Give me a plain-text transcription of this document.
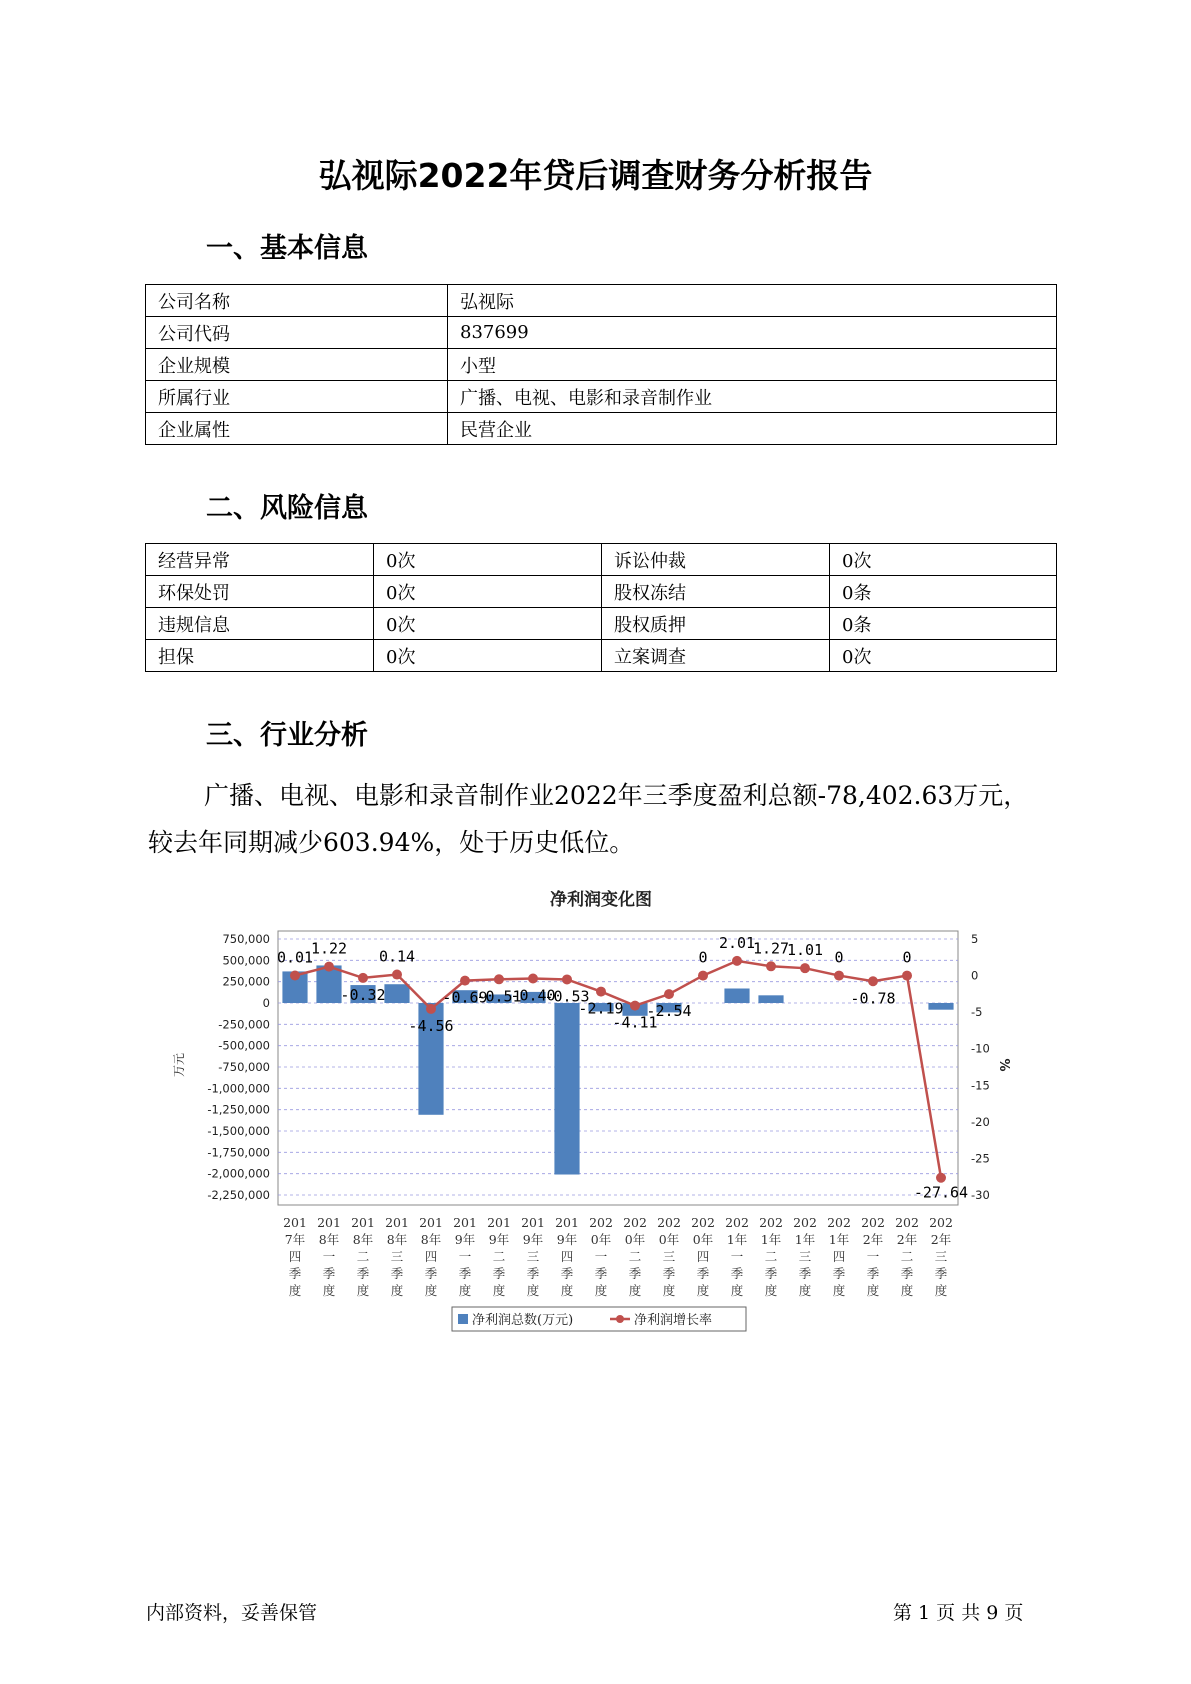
弘视际2022年贷后调查财务分析报告
一、基本信息
公司名称	弘视际
公司代码	837699
企业规模	小型
所属行业	广播、电视、电影和录音制作业
企业属性	民营企业
二、风险信息
经营异常	0次	诉讼仲裁	0次
环保处罚	0次	股权冻结	0条
违规信息	0次	股权质押	0条
担保	0次	立案调查	0次
三、行业分析
广播、电视、电影和录音制作业2022年三季度盈利总额-78,402.63万元，较去年同期减少603.94%，处于历史低位。
净利润变化图
750,000
500,000
250,000
0
-250,000
-500,000
-750,000
-1,000,000
-1,250,000
-1,500,000
-1,750,000
-2,000,000
-2,250,000
5
0
-5
-10
-15
-20
-25
-30
万元	%
0.01
1.22
-0.32
0.14
-4.56
-0.69
-0.51
-0.40
-0.53
-2.19
-4.11
-2.54
0
2.01
1.27
1.01 0
-0.78
0
-27.64
201
7年
四
季
度
201
8年
一
季
度
201
8年
二
季
度
201
8年
三
季
度
201
8年
四
季
度
201
9年
一
季
度
201
9年
二
季
度
201
9年
三
季
度
201
9年
四
季
度
202
0年
一
季
度
202
0年
二
季
度
202
0年
三
季
度
202
0年
四
季
度
202
1年
一
季
度
202
1年
二
季
度
202
1年
三
季
度
202
1年
四
季
度
202
2年
一
季
度
202
2年
二
季
度
202
2年
三
季
度
净利润总数(万元)	净利润增长率
内部资料，妥善保管	第 1 页 共 9 页
